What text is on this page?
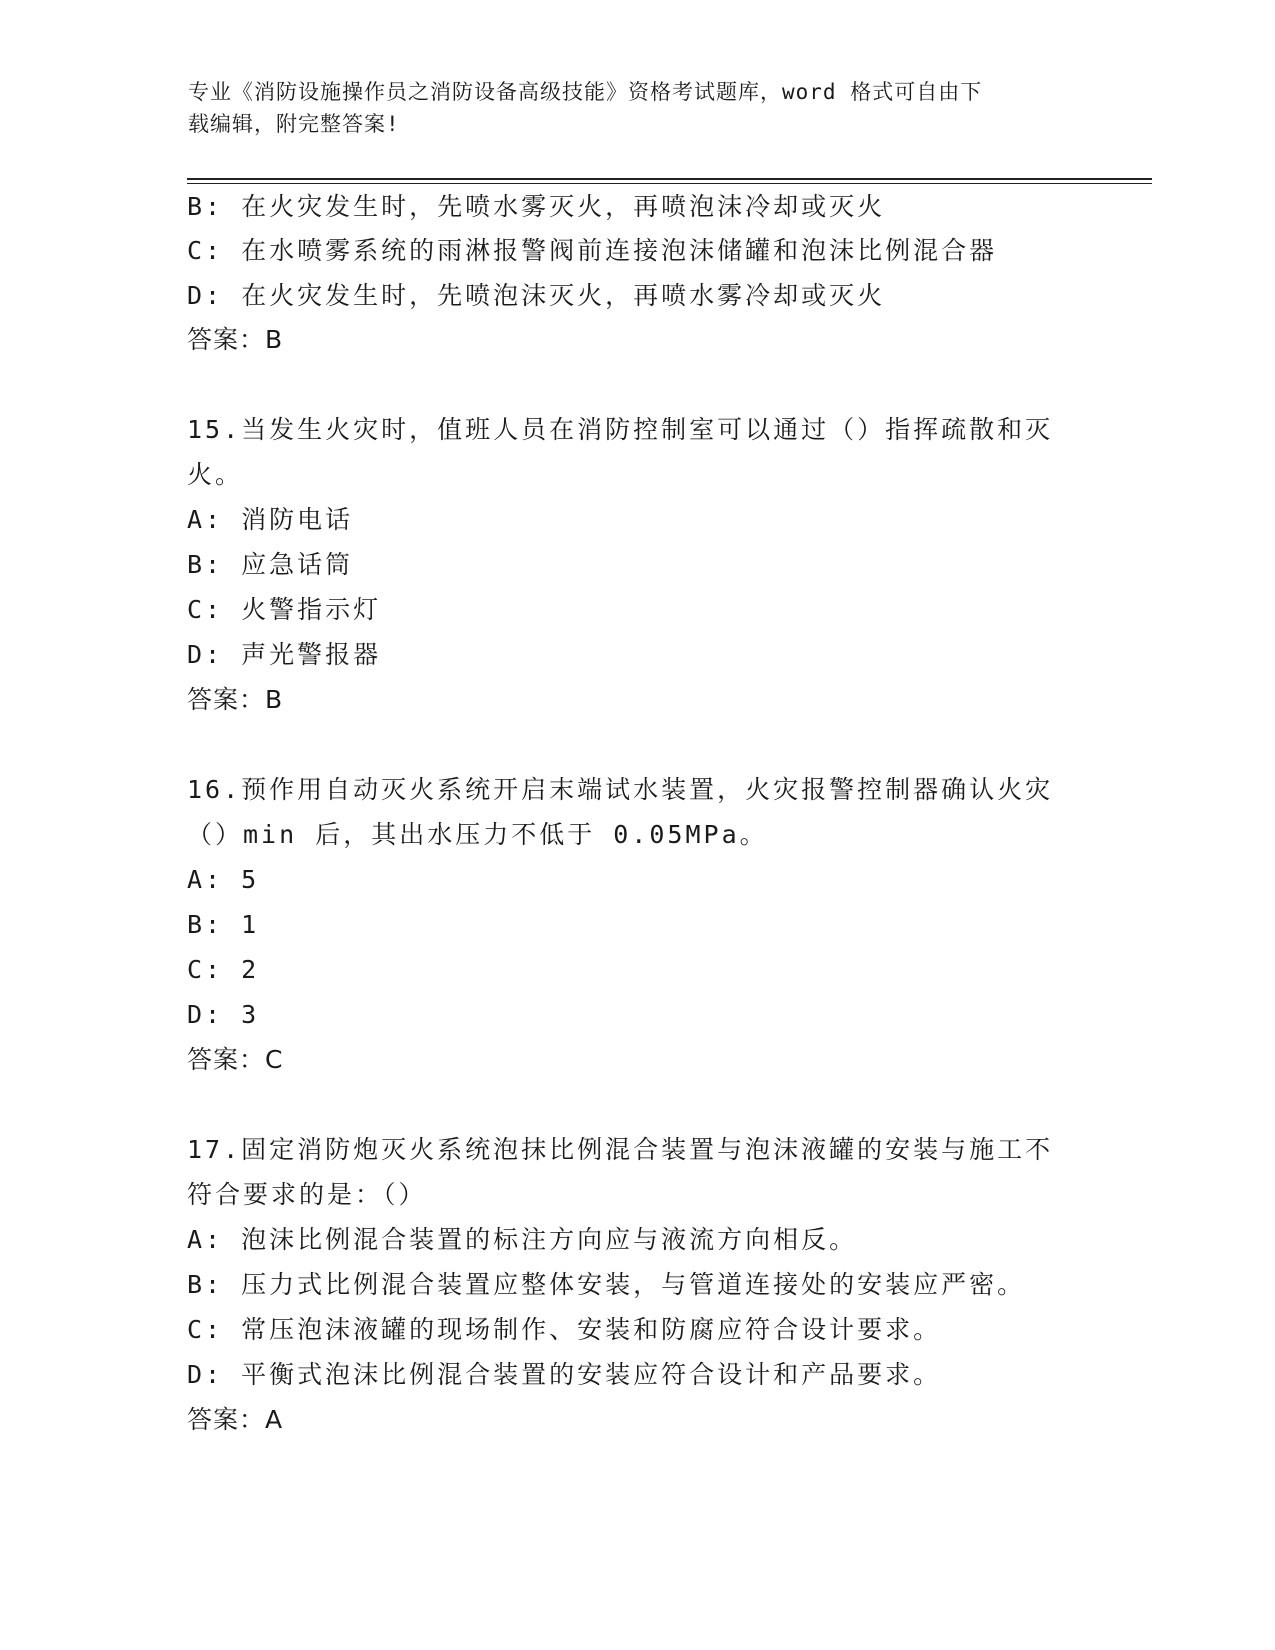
专业《消防设施操作员之消防设备高级技能》资格考试题库，word 格式可自由下
载编辑，附完整答案!
B: 在火灾发生时，先喷水雾灭火，再喷泡沫冷却或灭火
C: 在水喷雾系统的雨淋报警阀前连接泡沫储罐和泡沫比例混合器
D: 在火灾发生时，先喷泡沫灭火，再喷水雾冷却或灭火
答案：B
15.当发生火灾时，值班人员在消防控制室可以通过（）指挥疏散和灭
火。
A: 消防电话
B: 应急话筒
C: 火警指示灯
D: 声光警报器
答案：B
16.预作用自动灭火系统开启末端试水装置，火灾报警控制器确认火灾
（）min 后，其出水压力不低于 0.05MPa。
A: 5
B: 1
C: 2
D: 3
答案：C
17.固定消防炮灭火系统泡抹比例混合装置与泡沫液罐的安装与施工不
符合要求的是：（）
A: 泡沫比例混合装置的标注方向应与液流方向相反。
B: 压力式比例混合装置应整体安装，与管道连接处的安装应严密。
C: 常压泡沫液罐的现场制作、安装和防腐应符合设计要求。
D: 平衡式泡沫比例混合装置的安装应符合设计和产品要求。
答案：A
